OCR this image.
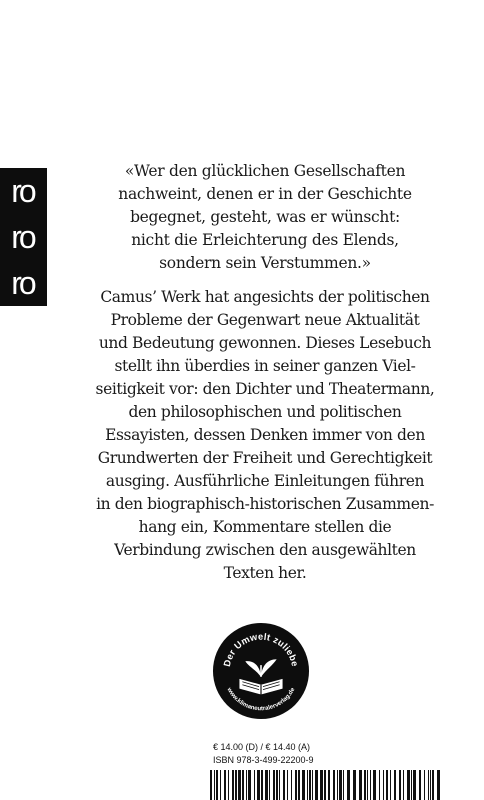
ro
ro
ro
«Wer den glücklichen Gesellschaften
nachweint, denen er in der Geschichte
begegnet, gesteht, was er wünscht:
nicht die Erleichterung des Elends,
sondern sein Verstummen.»
Camus’ Werk hat angesichts der politischen
Probleme der Gegenwart neue Aktualität
und Bedeutung gewonnen. Dieses Lesebuch
stellt ihn überdies in seiner ganzen Viel-
seitigkeit vor: den Dichter und Theatermann,
den philosophischen und politischen
Essayisten, dessen Denken immer von den
Grundwerten der Freiheit und Gerechtigkeit
ausging. Ausführliche Einleitungen führen
in den biographisch-historischen Zusammen-
hang ein, Kommentare stellen die
Verbindung zwischen den ausgewählten
Texten her.
Der Umwelt zuliebe
www.klimaneutralerverlag.de
€ 14.00 (D) / € 14.40 (A)
ISBN 978-3-499-22200-9
